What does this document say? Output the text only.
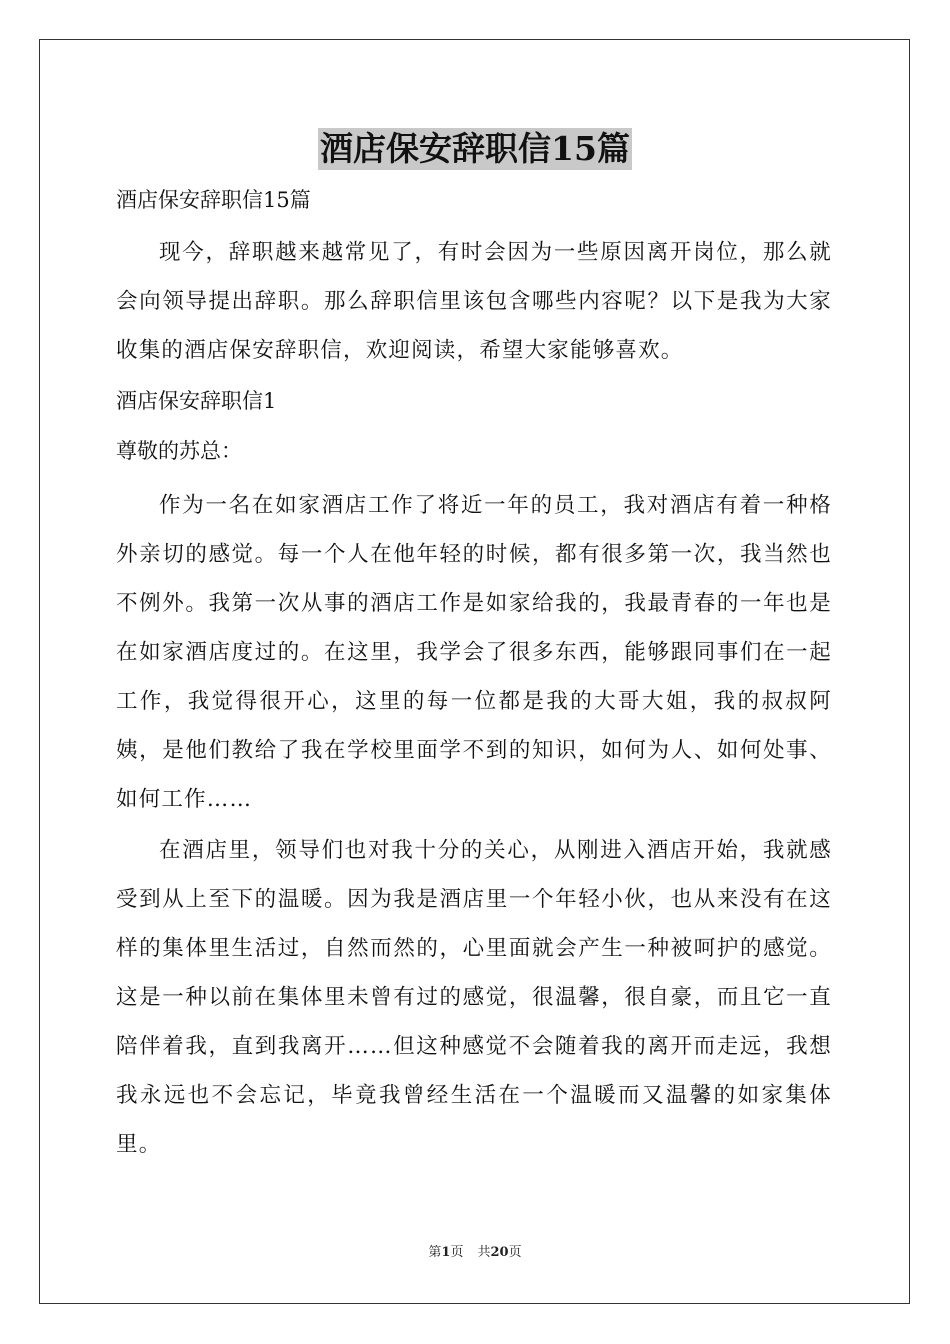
酒店保安辞职信15篇
酒店保安辞职信15篇
现今，辞职越来越常见了，有时会因为一些原因离开岗位，那么就会向领导提出辞职。那么辞职信里该包含哪些内容呢？以下是我为大家收集的酒店保安辞职信，欢迎阅读，希望大家能够喜欢。
酒店保安辞职信1
尊敬的苏总：
作为一名在如家酒店工作了将近一年的员工，我对酒店有着一种格外亲切的感觉。每一个人在他年轻的时候，都有很多第一次，我当然也不例外。我第一次从事的酒店工作是如家给我的，我最青春的一年也是在如家酒店度过的。在这里，我学会了很多东西，能够跟同事们在一起工作，我觉得很开心，这里的每一位都是我的大哥大姐，我的叔叔阿姨，是他们教给了我在学校里面学不到的知识，如何为人、如何处事、如何工作……
在酒店里，领导们也对我十分的关心，从刚进入酒店开始，我就感受到从上至下的温暖。因为我是酒店里一个年轻小伙，也从来没有在这样的集体里生活过，自然而然的，心里面就会产生一种被呵护的感觉。这是一种以前在集体里未曾有过的感觉，很温馨，很自豪，而且它一直陪伴着我，直到我离开……但这种感觉不会随着我的离开而走远，我想我永远也不会忘记，毕竟我曾经生活在一个温暖而又温馨的如家集体里。
第1页 共20页
